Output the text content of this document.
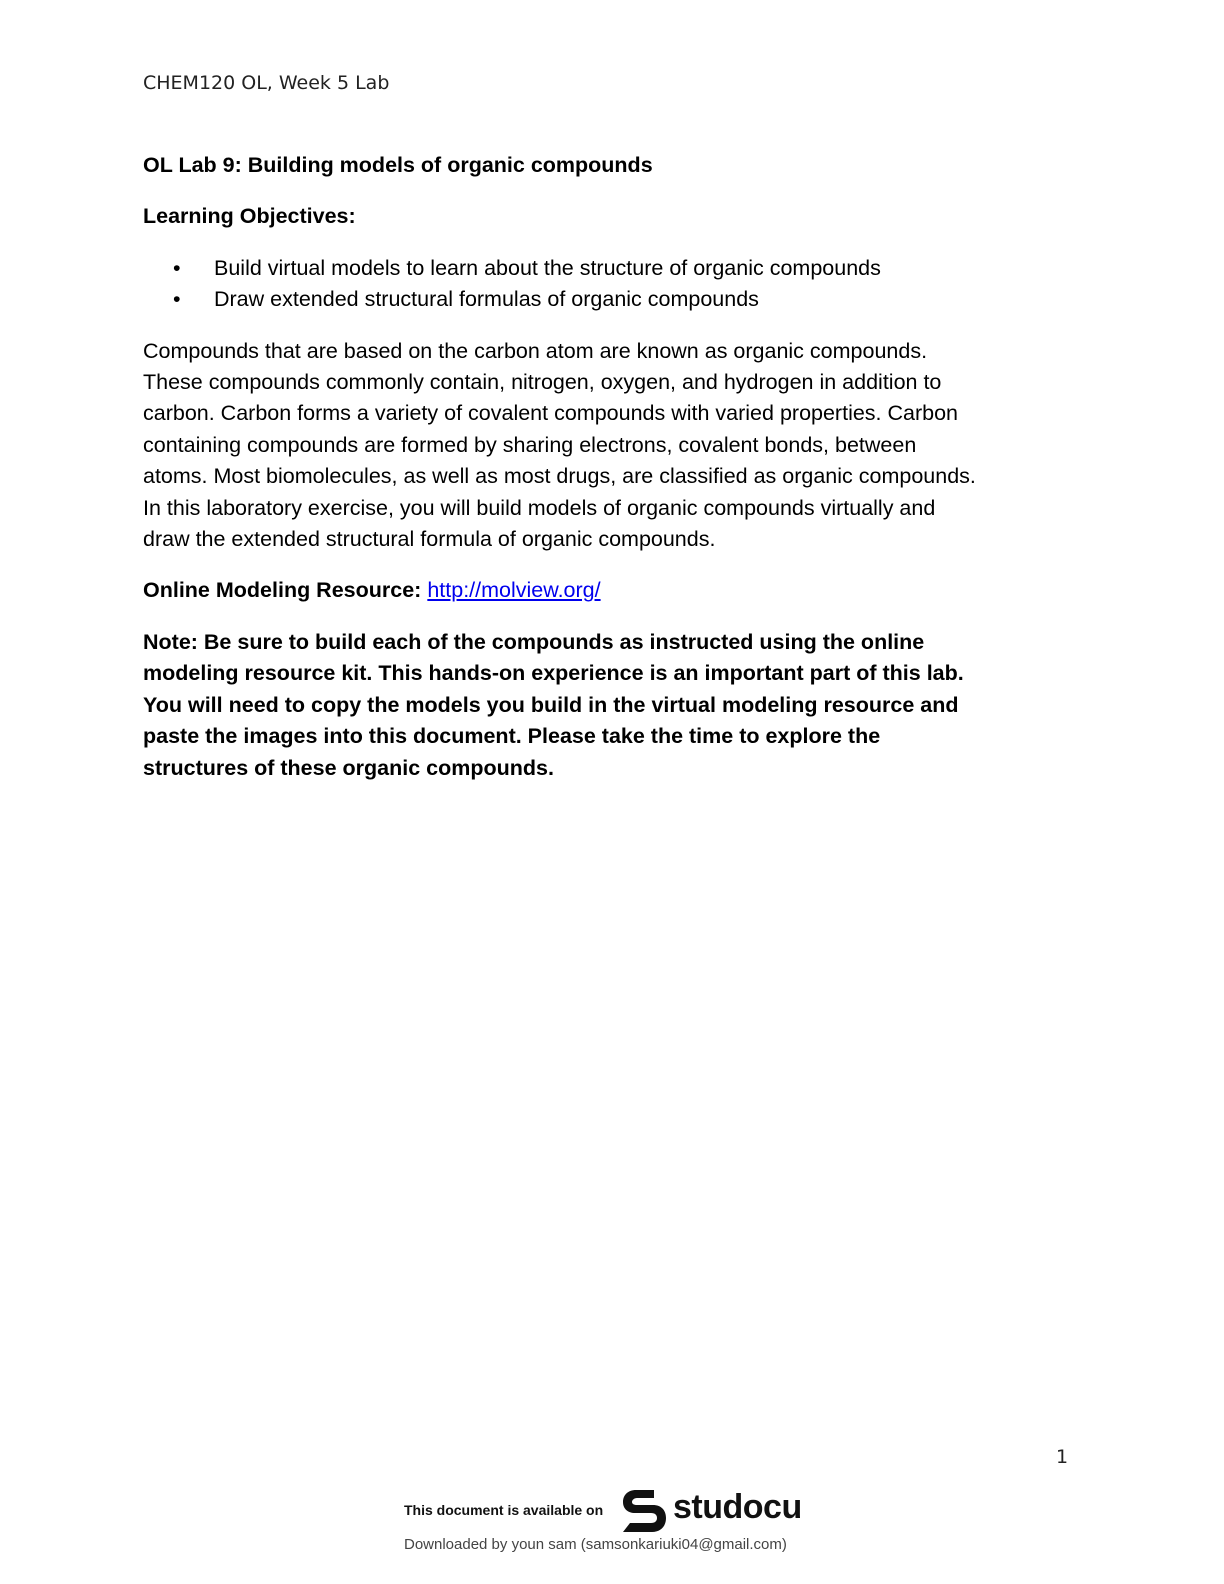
CHEM120 OL, Week 5 Lab
OL Lab 9: Building models of organic compounds
Learning Objectives:
• Build virtual models to learn about the structure of organic compounds
• Draw extended structural formulas of organic compounds
Compounds that are based on the carbon atom are known as organic compounds.
These compounds commonly contain, nitrogen, oxygen, and hydrogen in addition to
carbon. Carbon forms a variety of covalent compounds with varied properties. Carbon
containing compounds are formed by sharing electrons, covalent bonds, between
atoms. Most biomolecules, as well as most drugs, are classified as organic compounds.
In this laboratory exercise, you will build models of organic compounds virtually and
draw the extended structural formula of organic compounds.
Online Modeling Resource: http://molview.org/
Note: Be sure to build each of the compounds as instructed using the online
modeling resource kit. This hands-on experience is an important part of this lab.
You will need to copy the models you build in the virtual modeling resource and
paste the images into this document. Please take the time to explore the
structures of these organic compounds.
1
This document is available on studocu
Downloaded by youn sam (samsonkariuki04@gmail.com)
